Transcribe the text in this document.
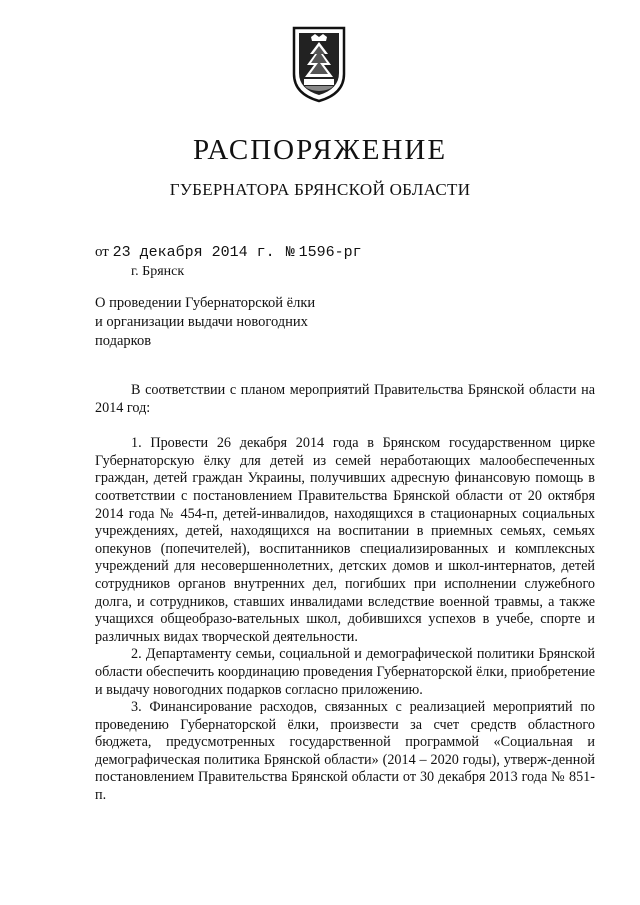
РАСПОРЯЖЕНИЕ
ГУБЕРНАТОРА БРЯНСКОЙ ОБЛАСТИ
от 23 декабря 2014 г. № 1596-рг
г. Брянск
О проведении Губернаторской ёлки
и организации выдачи новогодних
подарков

В соответствии с планом мероприятий Правительства Брянской области на 2014 год:

1. Провести 26 декабря 2014 года в Брянском государственном цирке Губернаторскую ёлку для детей из семей неработающих малообеспеченных граждан, детей граждан Украины, получивших адресную финансовую помощь в соответствии с постановлением Правительства Брянской области от 20 октября 2014 года № 454-п, детей-инвалидов, находящихся в стационарных социальных учреждениях, детей, находящихся на воспитании в приемных семьях, семьях опекунов (попечителей), воспитанников специализированных и комплексных учреждений для несовершеннолетних, детских домов и школ-интернатов, детей сотрудников органов внутренних дел, погибших при исполнении служебного долга, и сотрудников, ставших инвалидами вследствие военной травмы, а также учащихся общеобразо-вательных школ, добившихся успехов в учебе, спорте и различных видах творческой деятельности.

2. Департаменту семьи, социальной и демографической политики Брянской области обеспечить координацию проведения Губернаторской ёлки, приобретение и выдачу новогодних подарков согласно приложению.

3. Финансирование расходов, связанных с реализацией мероприятий по проведению Губернаторской ёлки, произвести за счет средств областного бюджета, предусмотренных государственной программой «Социальная и демографическая политика Брянской области» (2014 – 2020 годы), утверж-денной постановлением Правительства Брянской области от 30 декабря 2013 года № 851-п.
